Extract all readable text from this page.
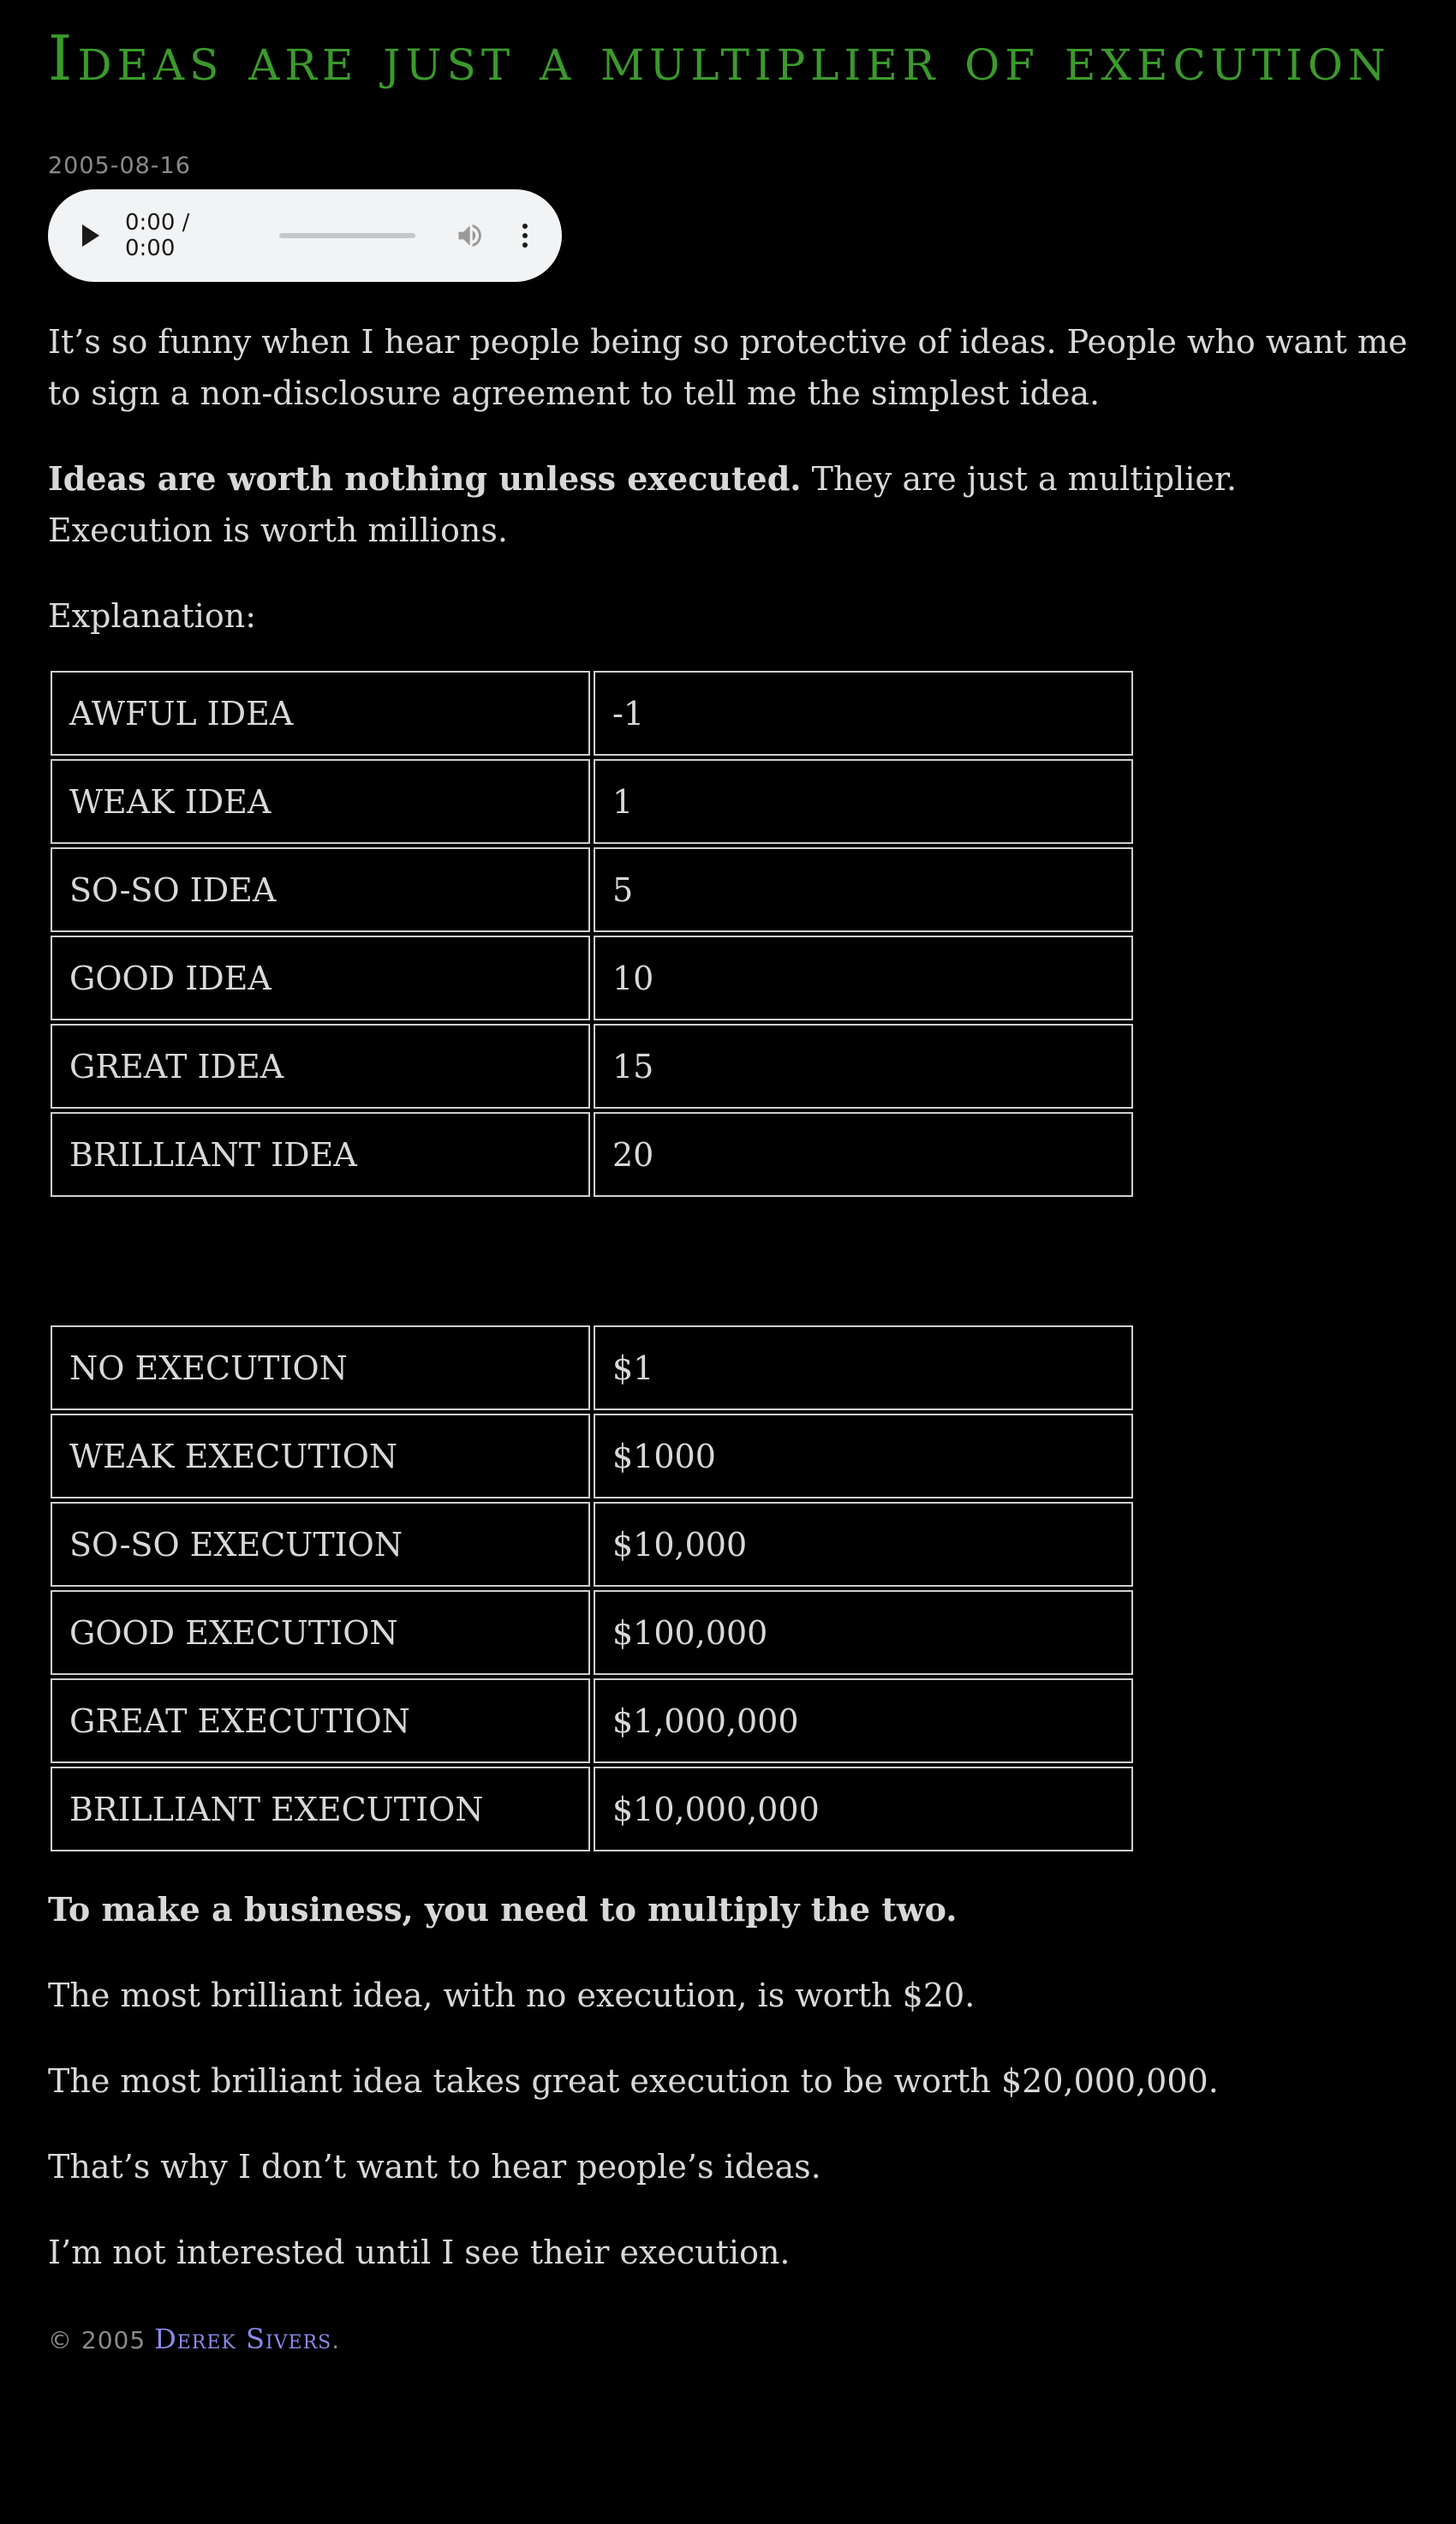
Ideas are just a multiplier of execution
2005-08-16
0:00 / 0:00

It’s so funny when I hear people being so protective of ideas. People who want me to sign a non-disclosure agreement to tell me the simplest idea.

Ideas are worth nothing unless executed. They are just a multiplier. Execution is worth millions.

Explanation:

AWFUL IDEA	-1
WEAK IDEA	1
SO-SO IDEA	5
GOOD IDEA	10
GREAT IDEA	15
BRILLIANT IDEA	20
NO EXECUTION	$1
WEAK EXECUTION	$1000
SO-SO EXECUTION	$10,000
GOOD EXECUTION	$100,000
GREAT EXECUTION	$1,000,000
BRILLIANT EXECUTION	$10,000,000

To make a business, you need to multiply the two.

The most brilliant idea, with no execution, is worth $20.

The most brilliant idea takes great execution to be worth $20,000,000.

That’s why I don’t want to hear people’s ideas.

I’m not interested until I see their execution.

© 2005 Derek Sivers.
